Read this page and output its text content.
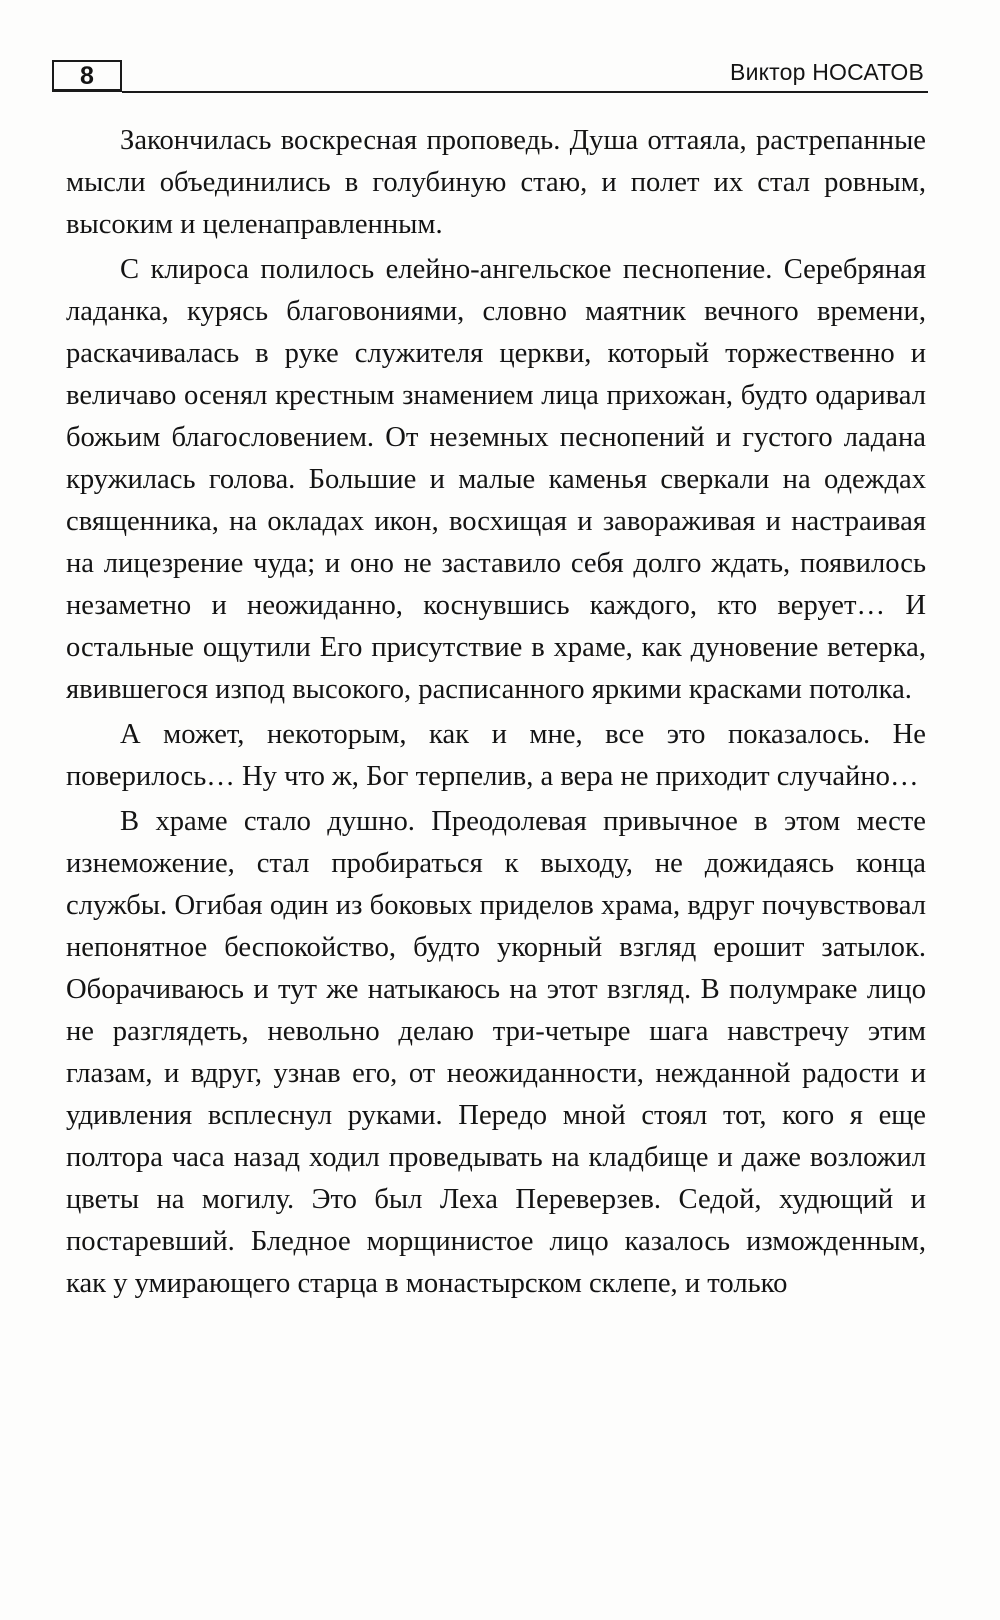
8	Виктор НОСАТОВ

Закончилась воскресная проповедь. Душа оттаяла, растрепанные мысли объединились в голубиную стаю, и полет их стал ровным, высоким и целенаправленным.

С клироса полилось елейно-ангельское песнопение. Серебряная ладанка, курясь благовониями, словно маятник вечного времени, раскачивалась в руке служителя церкви, который торжественно и величаво осенял крестным знамением лица прихожан, будто одаривал божьим благословением. От неземных песнопений и густого ладана кружилась голова. Большие и малые каменья сверкали на одеждах священника, на окладах икон, восхищая и завораживая и настраивая на лицезрение чуда; и оно не заставило себя долго ждать, появилось незаметно и неожиданно, коснувшись каждого, кто верует… И остальные ощутили Его присутствие в храме, как дуновение ветерка, явившегося изпод высокого, расписанного яркими красками потолка.

А может, некоторым, как и мне, все это показалось. Не поверилось… Ну что ж, Бог терпелив, а вера не приходит случайно…

В храме стало душно. Преодолевая привычное в этом месте изнеможение, стал пробираться к выходу, не дожидаясь конца службы. Огибая один из боковых приделов храма, вдруг почувствовал непонятное беспокойство, будто укорный взгляд ерошит затылок. Оборачиваюсь и тут же натыкаюсь на этот взгляд. В полумраке лицо не разглядеть, невольно делаю три-четыре шага навстречу этим глазам, и вдруг, узнав его, от неожиданности, нежданной радости и удивления всплеснул руками. Передо мной стоял тот, кого я еще полтора часа назад ходил проведывать на кладбище и даже возложил цветы на могилу. Это был Леха Переверзев. Седой, худющий и постаревший. Бледное морщинистое лицо казалось изможденным, как у умирающего старца в монастырском склепе, и только
